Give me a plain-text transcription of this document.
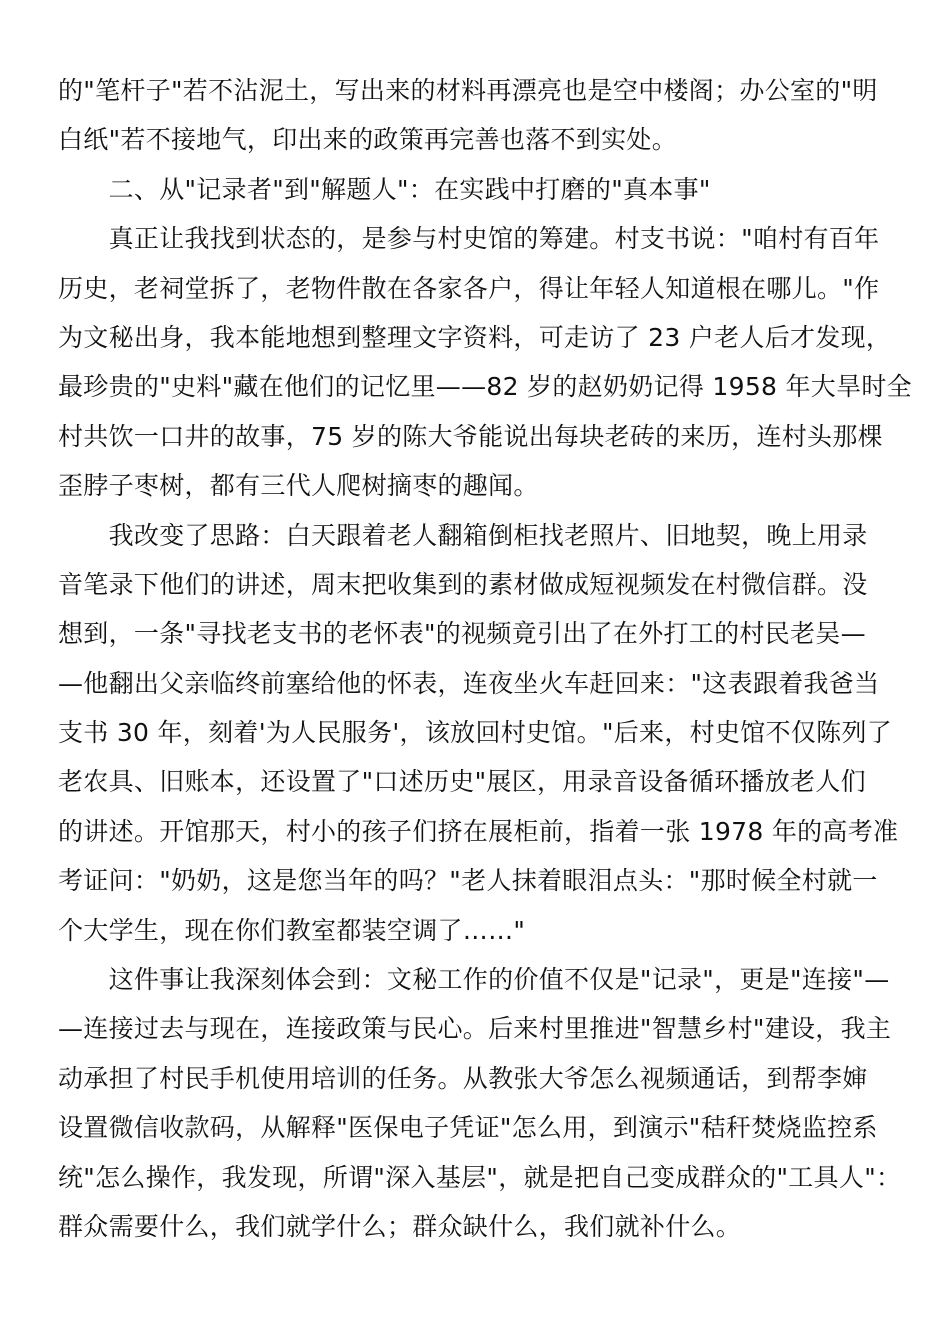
的"笔杆子"若不沾泥土，写出来的材料再漂亮也是空中楼阁；办公室的"明
白纸"若不接地气，印出来的政策再完善也落不到实处。
　　二、从"记录者"到"解题人"：在实践中打磨的"真本事"
　　真正让我找到状态的，是参与村史馆的筹建。村支书说："咱村有百年
历史，老祠堂拆了，老物件散在各家各户，得让年轻人知道根在哪儿。"作
为文秘出身，我本能地想到整理文字资料，可走访了 23 户老人后才发现，
最珍贵的"史料"藏在他们的记忆里——82 岁的赵奶奶记得 1958 年大旱时全
村共饮一口井的故事，75 岁的陈大爷能说出每块老砖的来历，连村头那棵
歪脖子枣树，都有三代人爬树摘枣的趣闻。
　　我改变了思路：白天跟着老人翻箱倒柜找老照片、旧地契，晚上用录
音笔录下他们的讲述，周末把收集到的素材做成短视频发在村微信群。没
想到，一条"寻找老支书的老怀表"的视频竟引出了在外打工的村民老吴—
—他翻出父亲临终前塞给他的怀表，连夜坐火车赶回来："这表跟着我爸当
支书 30 年，刻着'为人民服务'，该放回村史馆。"后来，村史馆不仅陈列了
老农具、旧账本，还设置了"口述历史"展区，用录音设备循环播放老人们
的讲述。开馆那天，村小的孩子们挤在展柜前，指着一张 1978 年的高考准
考证问："奶奶，这是您当年的吗？"老人抹着眼泪点头："那时候全村就一
个大学生，现在你们教室都装空调了……"
　　这件事让我深刻体会到：文秘工作的价值不仅是"记录"，更是"连接"—
—连接过去与现在，连接政策与民心。后来村里推进"智慧乡村"建设，我主
动承担了村民手机使用培训的任务。从教张大爷怎么视频通话，到帮李婶
设置微信收款码，从解释"医保电子凭证"怎么用，到演示"秸秆焚烧监控系
统"怎么操作，我发现，所谓"深入基层"，就是把自己变成群众的"工具人"：
群众需要什么，我们就学什么；群众缺什么，我们就补什么。
